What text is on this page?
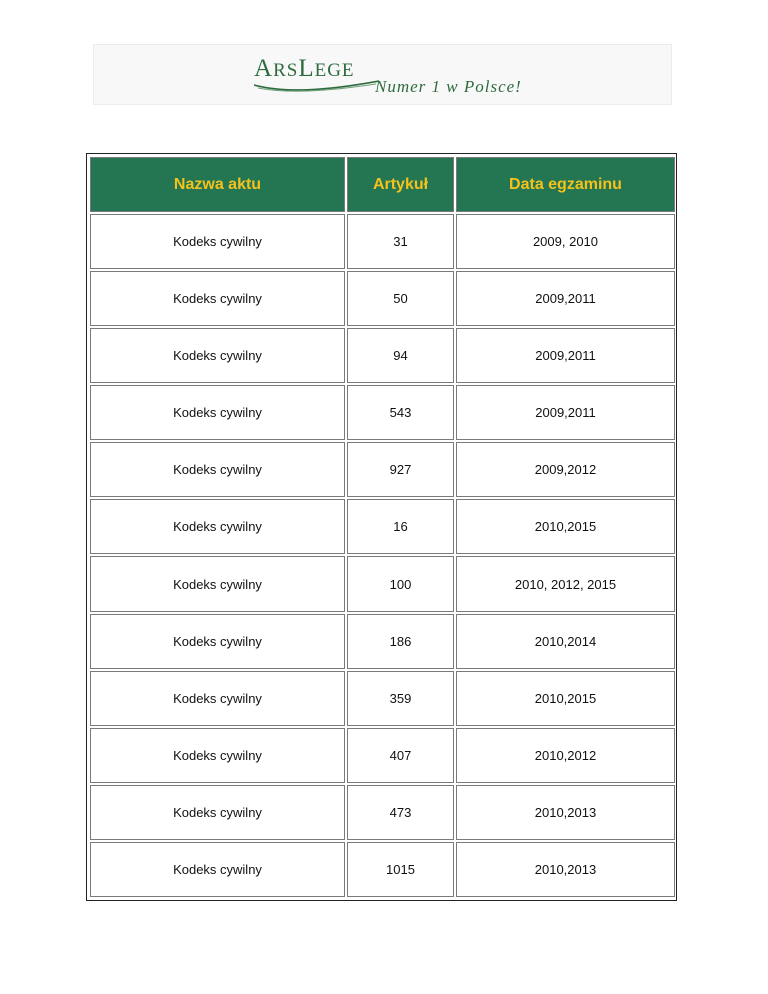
ARSLEGE
Numer 1 w Polsce!
Nazwa aktu	Artykuł	Data egzaminu
Kodeks cywilny	31	2009, 2010
Kodeks cywilny	50	2009,2011
Kodeks cywilny	94	2009,2011
Kodeks cywilny	543	2009,2011
Kodeks cywilny	927	2009,2012
Kodeks cywilny	16	2010,2015
Kodeks cywilny	100	2010, 2012, 2015
Kodeks cywilny	186	2010,2014
Kodeks cywilny	359	2010,2015
Kodeks cywilny	407	2010,2012
Kodeks cywilny	473	2010,2013
Kodeks cywilny	1015	2010,2013
